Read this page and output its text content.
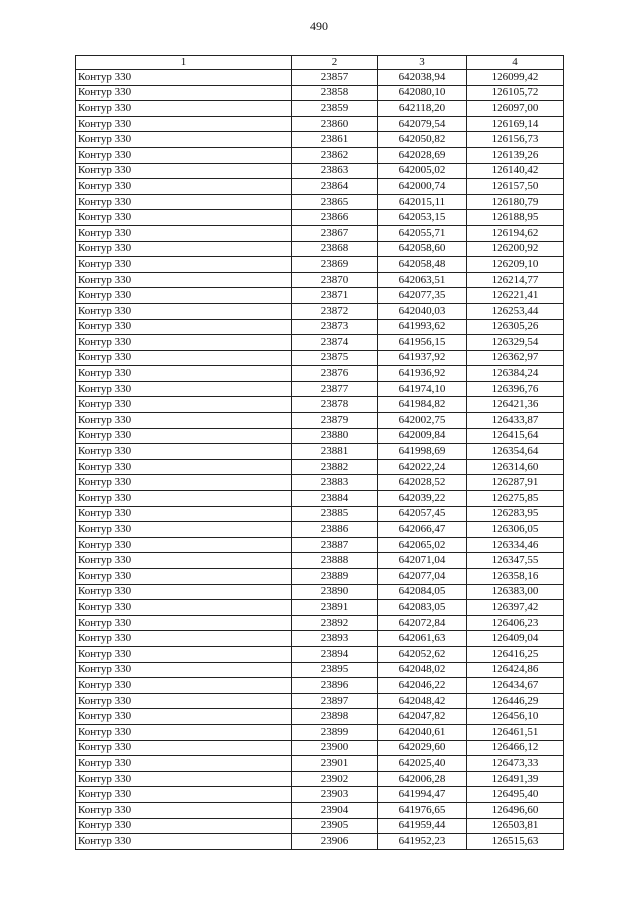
490
1	2	3	4
Контур 330	23857	642038,94	126099,42
Контур 330	23858	642080,10	126105,72
Контур 330	23859	642118,20	126097,00
Контур 330	23860	642079,54	126169,14
Контур 330	23861	642050,82	126156,73
Контур 330	23862	642028,69	126139,26
Контур 330	23863	642005,02	126140,42
Контур 330	23864	642000,74	126157,50
Контур 330	23865	642015,11	126180,79
Контур 330	23866	642053,15	126188,95
Контур 330	23867	642055,71	126194,62
Контур 330	23868	642058,60	126200,92
Контур 330	23869	642058,48	126209,10
Контур 330	23870	642063,51	126214,77
Контур 330	23871	642077,35	126221,41
Контур 330	23872	642040,03	126253,44
Контур 330	23873	641993,62	126305,26
Контур 330	23874	641956,15	126329,54
Контур 330	23875	641937,92	126362,97
Контур 330	23876	641936,92	126384,24
Контур 330	23877	641974,10	126396,76
Контур 330	23878	641984,82	126421,36
Контур 330	23879	642002,75	126433,87
Контур 330	23880	642009,84	126415,64
Контур 330	23881	641998,69	126354,64
Контур 330	23882	642022,24	126314,60
Контур 330	23883	642028,52	126287,91
Контур 330	23884	642039,22	126275,85
Контур 330	23885	642057,45	126283,95
Контур 330	23886	642066,47	126306,05
Контур 330	23887	642065,02	126334,46
Контур 330	23888	642071,04	126347,55
Контур 330	23889	642077,04	126358,16
Контур 330	23890	642084,05	126383,00
Контур 330	23891	642083,05	126397,42
Контур 330	23892	642072,84	126406,23
Контур 330	23893	642061,63	126409,04
Контур 330	23894	642052,62	126416,25
Контур 330	23895	642048,02	126424,86
Контур 330	23896	642046,22	126434,67
Контур 330	23897	642048,42	126446,29
Контур 330	23898	642047,82	126456,10
Контур 330	23899	642040,61	126461,51
Контур 330	23900	642029,60	126466,12
Контур 330	23901	642025,40	126473,33
Контур 330	23902	642006,28	126491,39
Контур 330	23903	641994,47	126495,40
Контур 330	23904	641976,65	126496,60
Контур 330	23905	641959,44	126503,81
Контур 330	23906	641952,23	126515,63
